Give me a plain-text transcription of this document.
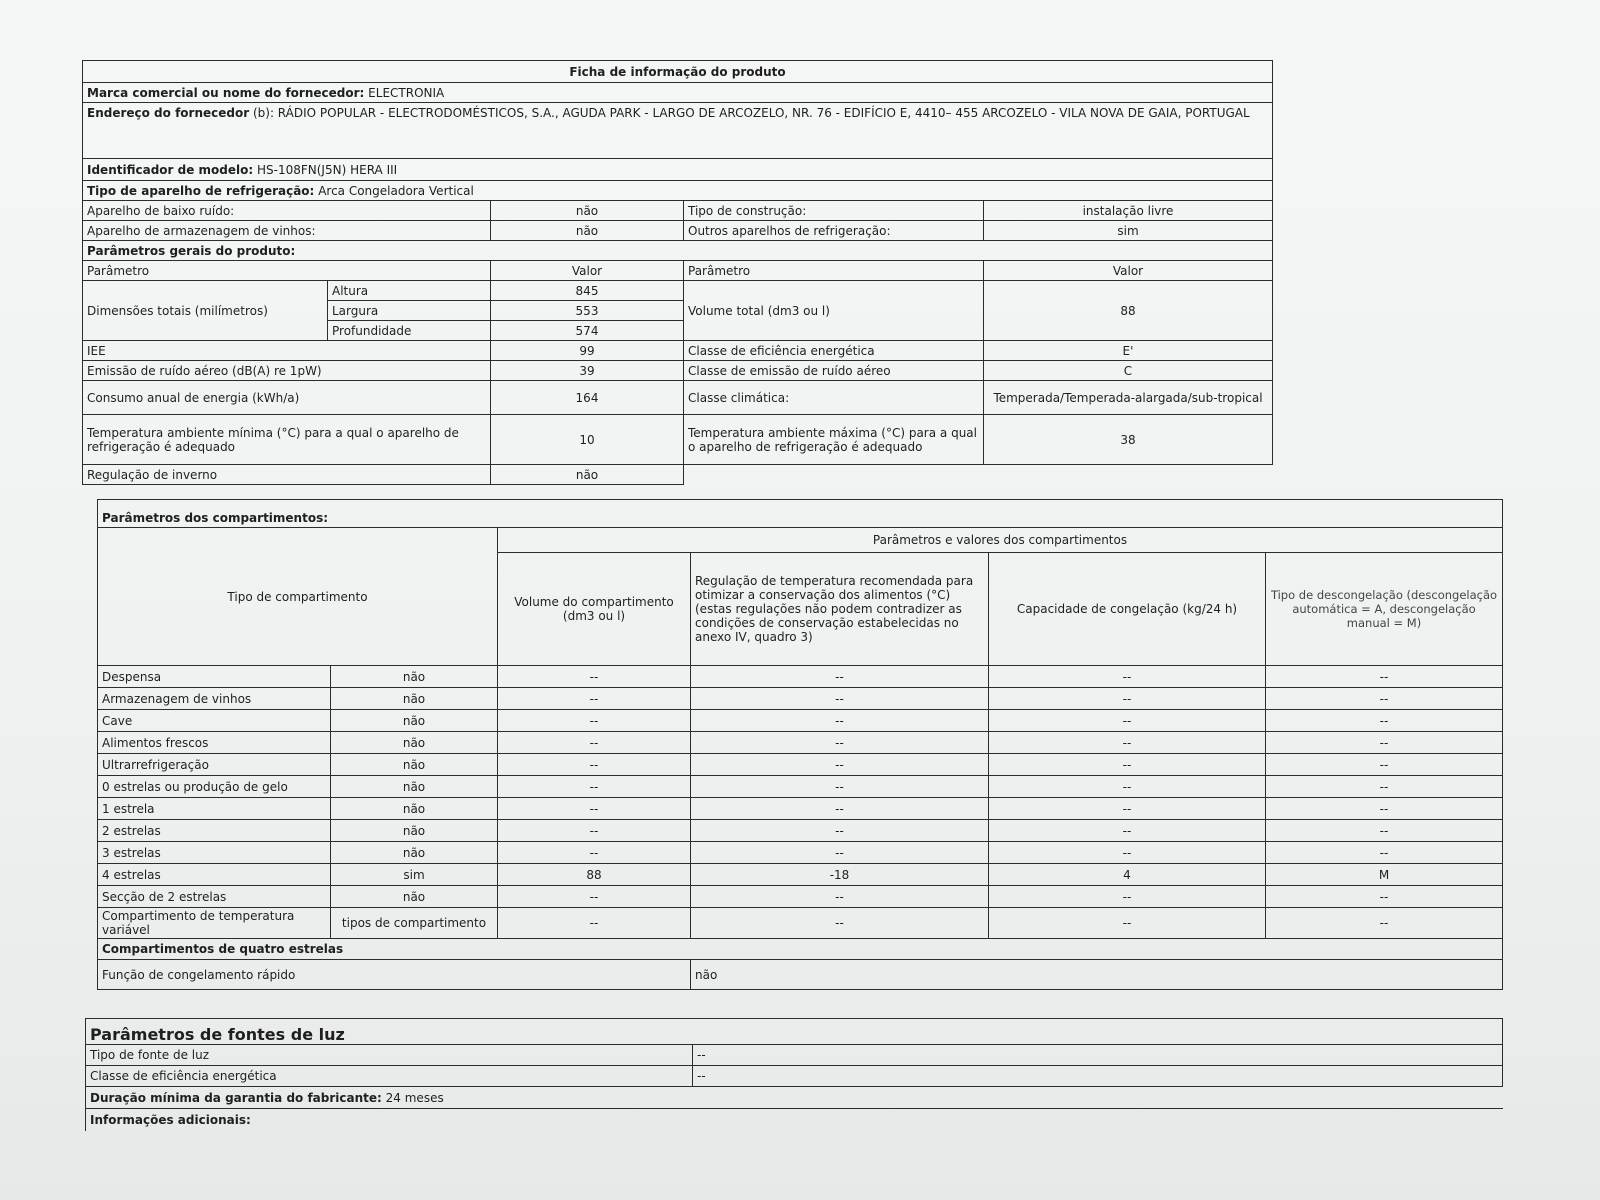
Ficha de informação do produto				
Marca comercial ou nome do fornecedor: ELECTRONIA				
Endereço do fornecedor (b): RÁDIO POPULAR - ELECTRODOMÉSTICOS, S.A., AGUDA PARK - LARGO DE ARCOZELO, NR. 76 - EDIFÍCIO E, 4410– 455 ARCOZELO - VILA NOVA DE GAIA, PORTUGAL				
Identificador de modelo: HS-108FN(J5N) HERA III				
Tipo de aparelho de refrigeração: Arca Congeladora Vertical				
Aparelho de baixo ruído:		não	Tipo de construção:	instalação livre
Aparelho de armazenagem de vinhos:		não	Outros aparelhos de refrigeração:	sim
Parâmetros gerais do produto:				
Parâmetro		Valor	Parâmetro	Valor
Dimensões totais (milímetros)	Altura	845	Volume total (dm3 ou l)	88
	Largura	553		
	Profundidade	574		
IEE		99	Classe de eficiência energética	E'
Emissão de ruído aéreo (dB(A) re 1pW)		39	Classe de emissão de ruído aéreo	C
Consumo anual de energia (kWh/a)		164	Classe climática:	Temperada/Temperada-alargada/sub-tropical
Temperatura ambiente mínima (°C) para a qual o aparelho de refrigeração é adequado		10	Temperatura ambiente máxima (°C) para a qual o aparelho de refrigeração é adequado	38
Regulação de inverno		não		
Parâmetros dos compartimentos:					
Tipo de compartimento		Parâmetros e valores dos compartimentos			
		Volume do compartimento (dm3 ou l)	Regulação de temperatura recomendada para otimizar a conservação dos alimentos (°C) (estas regulações não podem contradizer as condições de conservação estabelecidas no anexo IV, quadro 3)	Capacidade de congelação (kg/24 h)	Tipo de descongelação (descongelação automática = A, descongelação manual = M)
Despensa	não	--	--	--	--
Armazenagem de vinhos	não	--	--	--	--
Cave	não	--	--	--	--
Alimentos frescos	não	--	--	--	--
Ultrarrefrigeração	não	--	--	--	--
0 estrelas ou produção de gelo	não	--	--	--	--
1 estrela	não	--	--	--	--
2 estrelas	não	--	--	--	--
3 estrelas	não	--	--	--	--
4 estrelas	sim	88	-18	4	M
Secção de 2 estrelas	não	--	--	--	--
Compartimento de temperatura variável	tipos de compartimento	--	--	--	--
Compartimentos de quatro estrelas					
Função de congelamento rápido			não		
Parâmetros de fontes de luz	
Tipo de fonte de luz	--
Classe de eficiência energética	--
Duração mínima da garantia do fabricante: 24 meses	
Informações adicionais:	
